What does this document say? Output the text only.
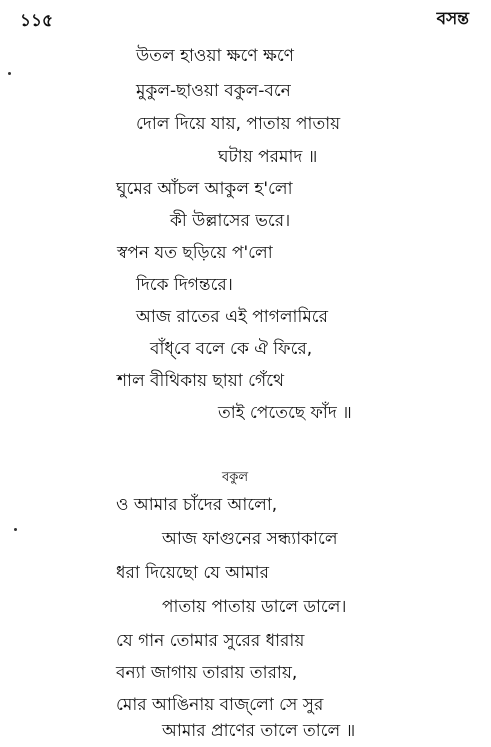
১১৫	বসন্ত
উতল হাওয়া ক্ষণে ক্ষণে
মুকুল-ছাওয়া বকুল-বনে
দোল দিয়ে যায়, পাতায় পাতায়
ঘটায় পরমাদ ॥
ঘুমের আঁচল আকুল হ'লো
কী উল্লাসের ভরে।
স্বপন যত ছড়িয়ে প'লো
দিকে দিগন্তরে।
আজ রাতের এই পাগলামিরে
বাঁধ্‌বে বলে কে ঐ ফিরে,
শাল বীথিকায় ছায়া গেঁথে
তাই পেতেছে ফাঁদ ॥
বকুল
ও আমার চাঁদের আলো,
আজ ফাগুনের সন্ধ্যাকালে
ধরা দিয়েছো যে আমার
পাতায় পাতায় ডালে ডালে।
যে গান তোমার সুরের ধারায়
বন্যা জাগায় তারায় তারায়,
মোর আঙিনায় বাজ্‌লো সে সুর
আমার প্রাণের তালে তালে ॥
